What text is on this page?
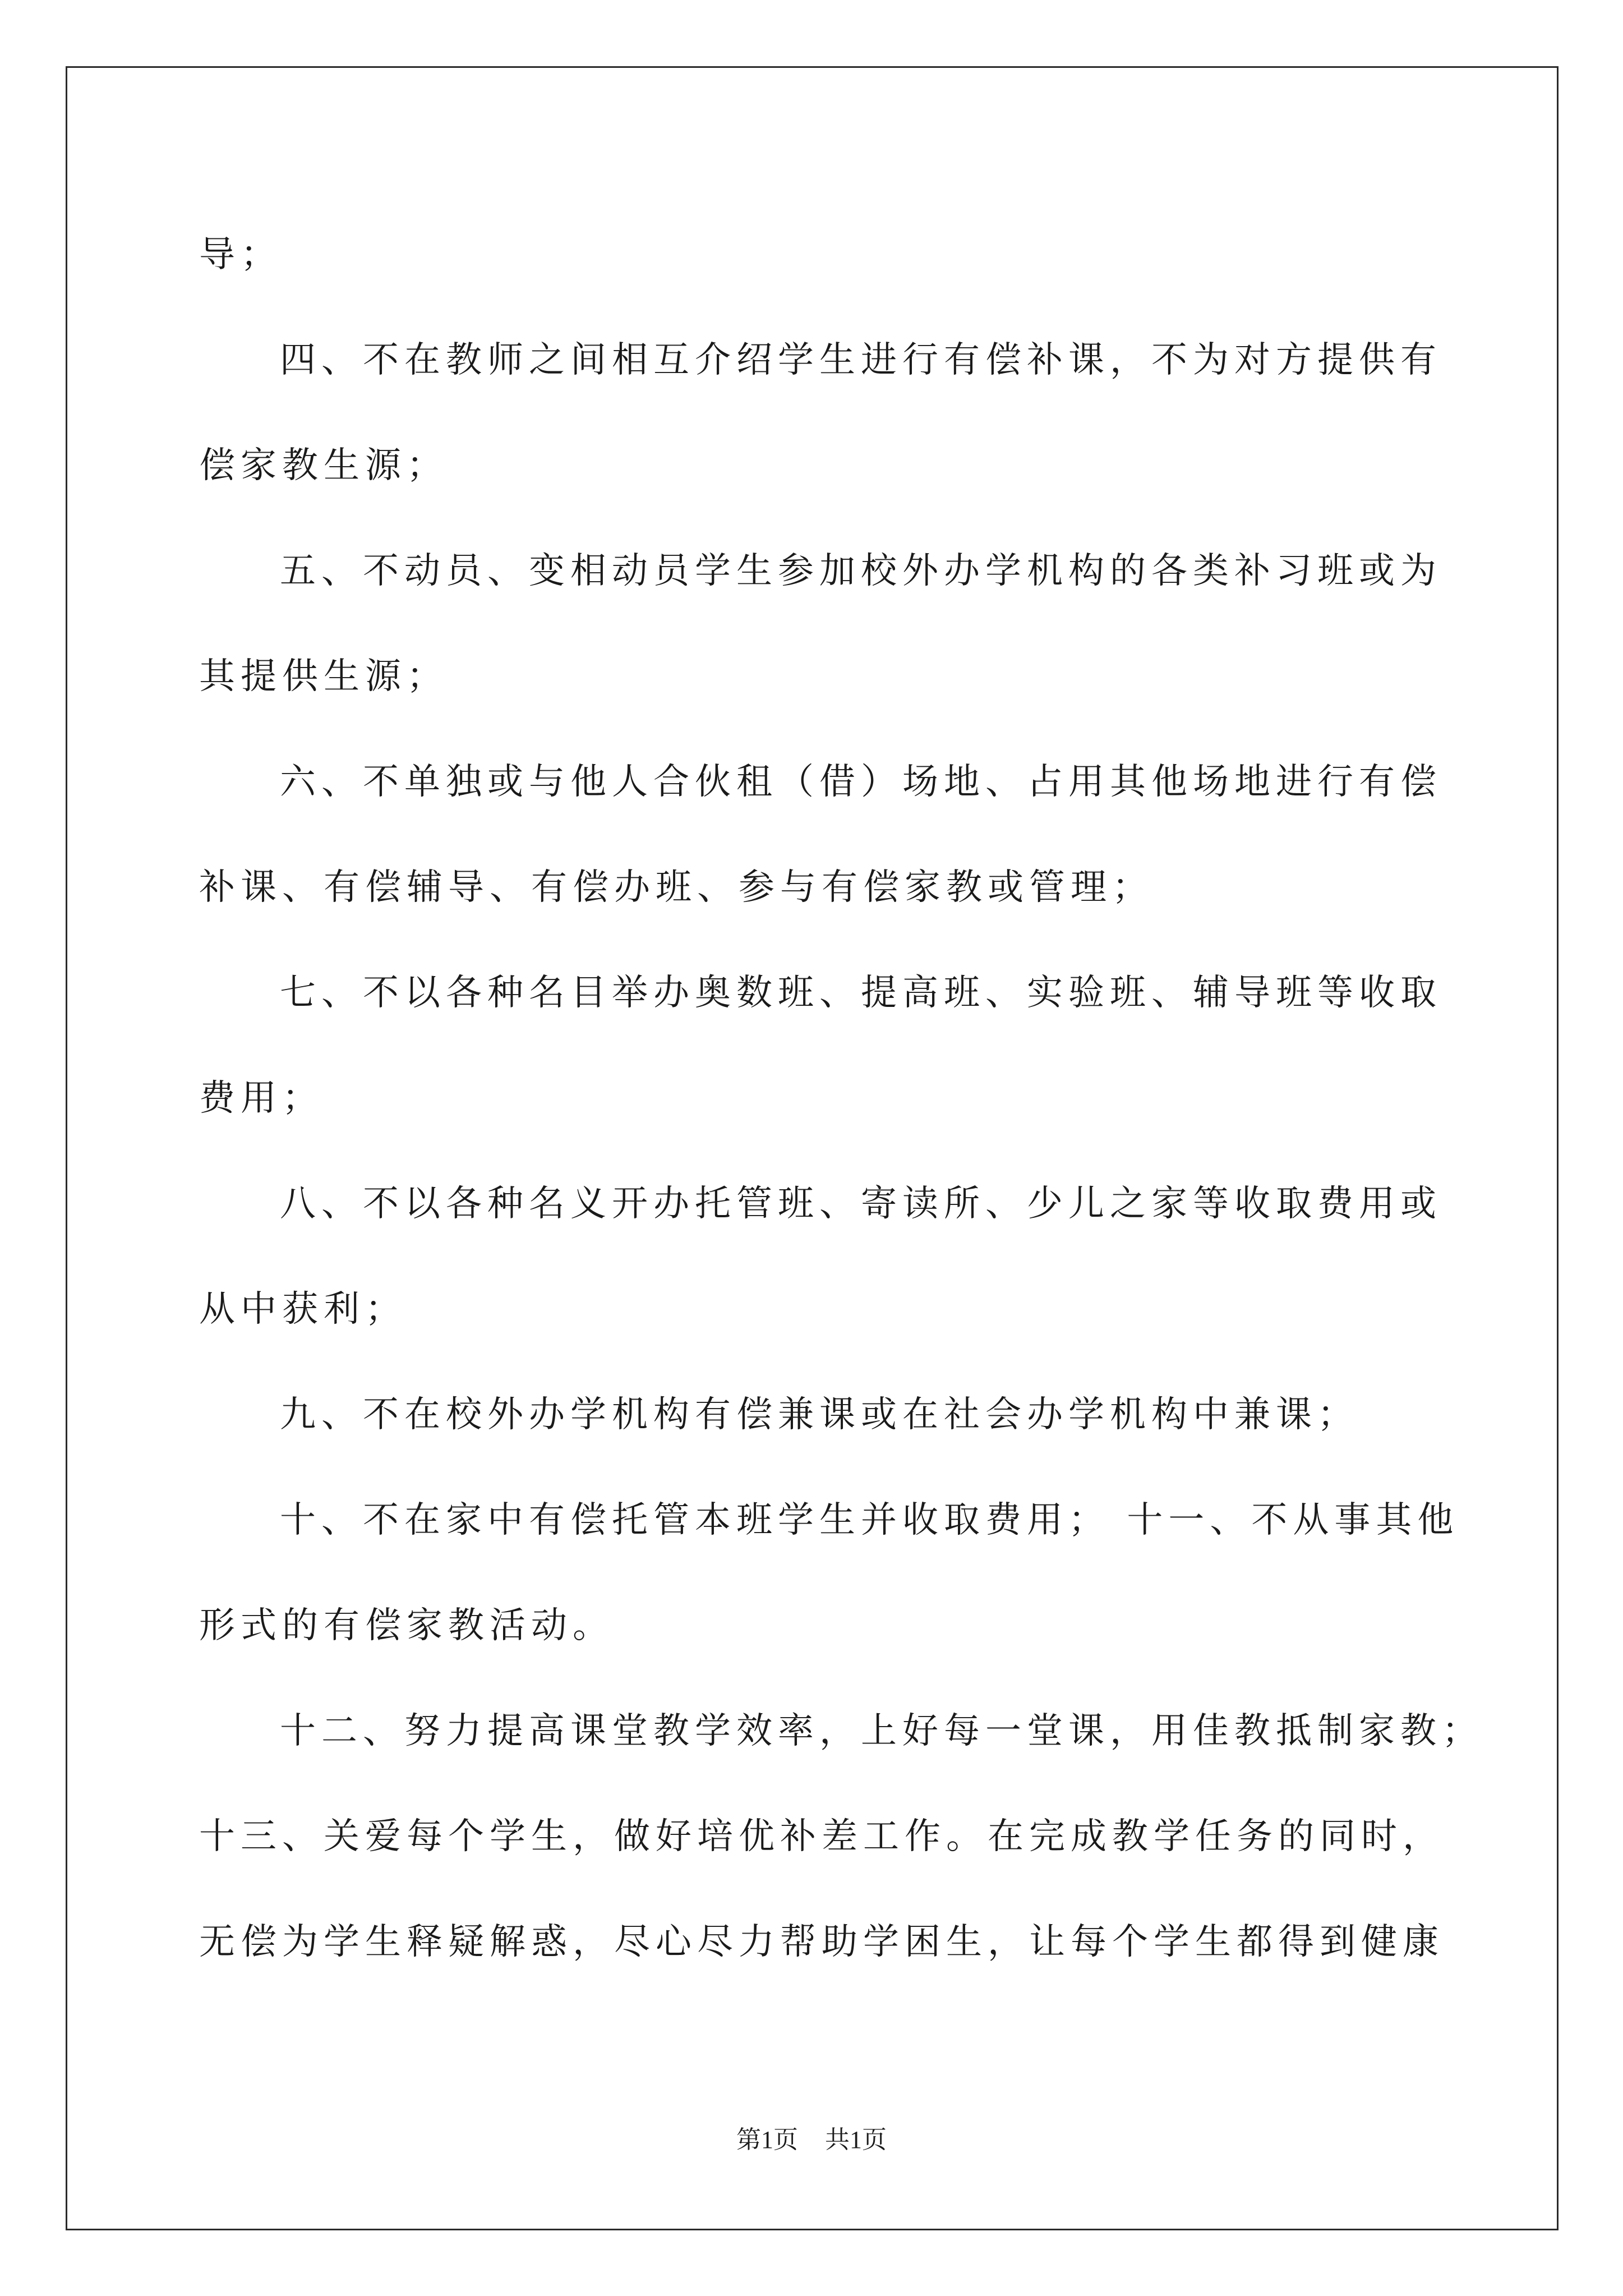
导；

四、不在教师之间相互介绍学生进行有偿补课，不为对方提供有

偿家教生源；

五、不动员、变相动员学生参加校外办学机构的各类补习班或为

其提供生源；

六、不单独或与他人合伙租（借）场地、占用其他场地进行有偿

补课、有偿辅导、有偿办班、参与有偿家教或管理；

七、不以各种名目举办奥数班、提高班、实验班、辅导班等收取

费用；

八、不以各种名义开办托管班、寄读所、少儿之家等收取费用或

从中获利；

九、不在校外办学机构有偿兼课或在社会办学机构中兼课；

十、不在家中有偿托管本班学生并收取费用； 十一、不从事其他

形式的有偿家教活动。

十二、努力提高课堂教学效率，上好每一堂课，用佳教抵制家教；

十三、关爱每个学生，做好培优补差工作。在完成教学任务的同时，

无偿为学生释疑解惑，尽心尽力帮助学困生，让每个学生都得到健康

第1页 共1页
